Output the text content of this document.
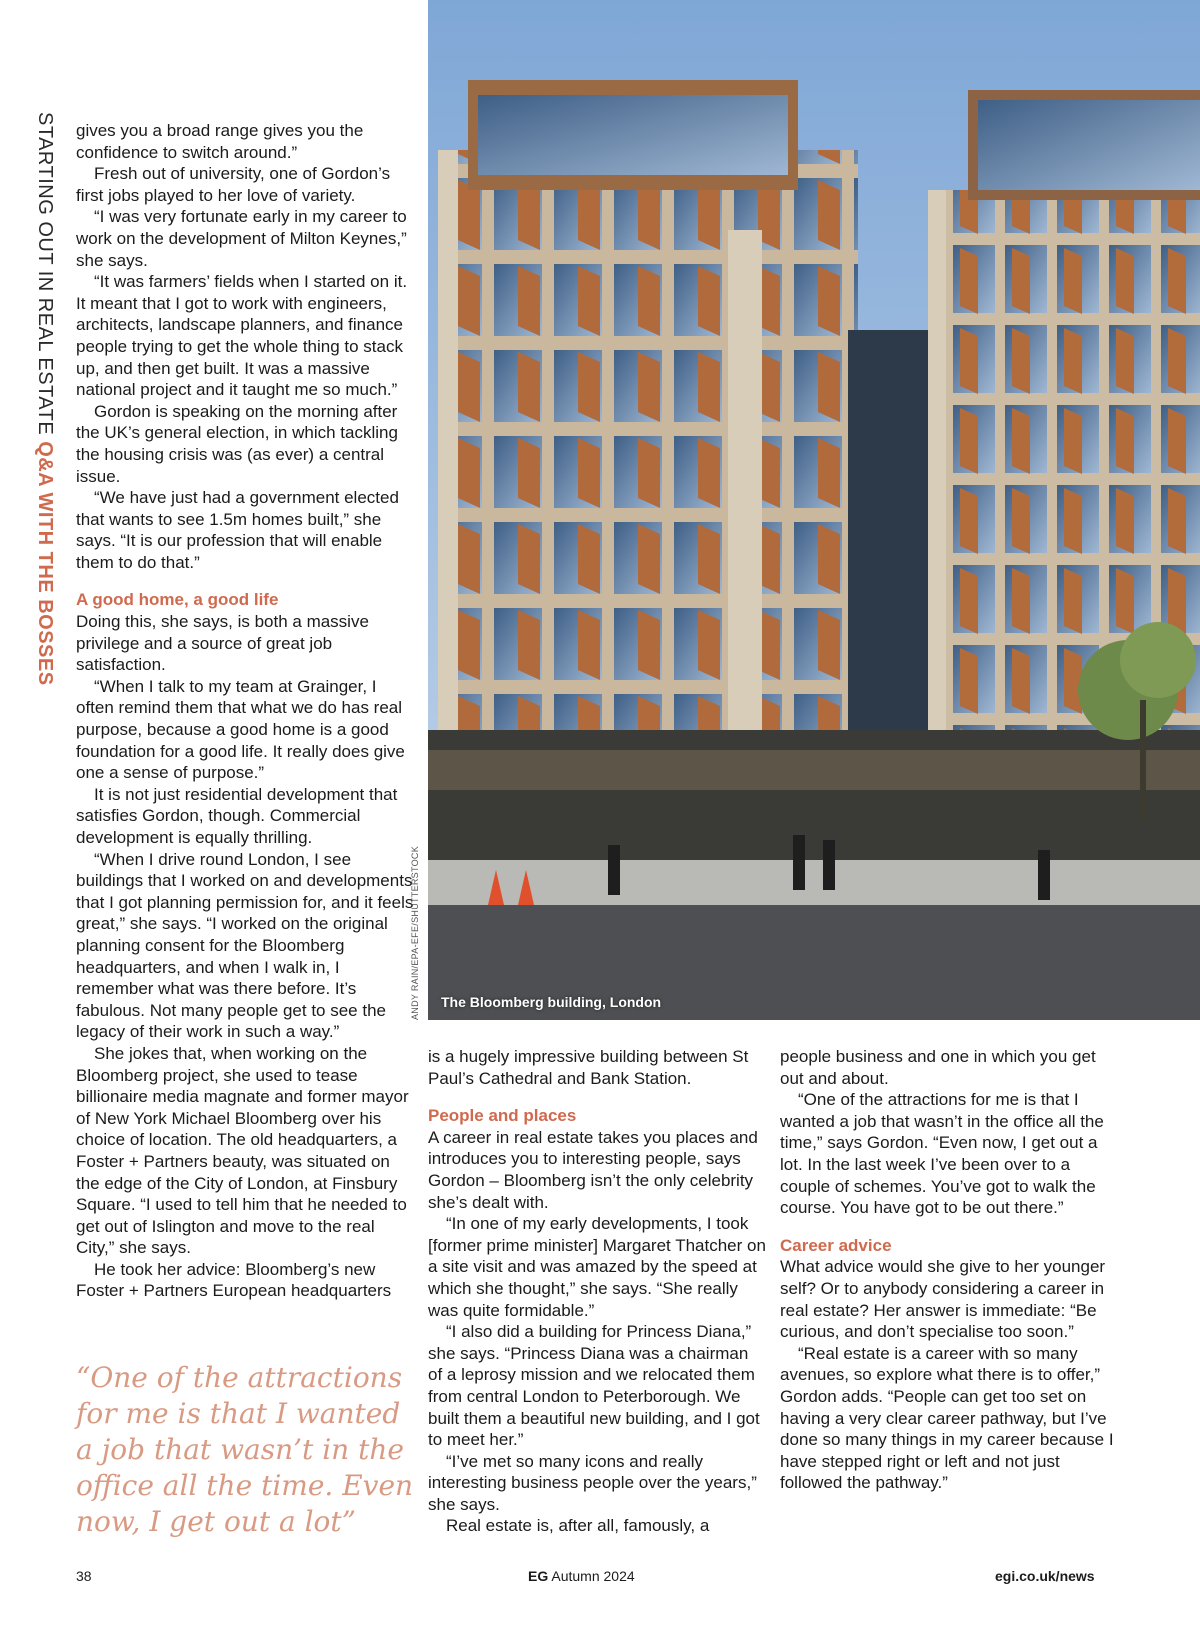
STARTING OUT IN REAL ESTATE Q&A WITH THE BOSSES

gives you a broad range gives you the confidence to switch around.”

Fresh out of university, one of Gordon’s first jobs played to her love of variety.

“I was very fortunate early in my career to work on the development of Milton Keynes,” she says.

“It was farmers’ fields when I started on it. It meant that I got to work with engineers, architects, landscape planners, and finance people trying to get the whole thing to stack up, and then get built. It was a massive national project and it taught me so much.”

Gordon is speaking on the morning after the UK’s general election, in which tackling the housing crisis was (as ever) a central issue.

“We have just had a government elected that wants to see 1.5m homes built,” she says. “It is our profession that will enable them to do that.”

A good home, a good life

Doing this, she says, is both a massive privilege and a source of great job satisfaction.

“When I talk to my team at Grainger, I often remind them that what we do has real purpose, because a good home is a good foundation for a good life. It really does give one a sense of purpose.”

It is not just residential development that satisfies Gordon, though. Commercial development is equally thrilling.

“When I drive round London, I see buildings that I worked on and developments that I got planning permission for, and it feels great,” she says. “I worked on the original planning consent for the Bloomberg headquarters, and when I walk in, I remember what was there before. It’s fabulous. Not many people get to see the legacy of their work in such a way.”

She jokes that, when working on the Bloomberg project, she used to tease billionaire media magnate and former mayor of New York Michael Bloomberg over his choice of location. The old headquarters, a Foster + Partners beauty, was situated on the edge of the City of London, at Finsbury Square. “I used to tell him that he needed to get out of Islington and move to the real City,” she says.

He took her advice: Bloomberg’s new Foster + Partners European headquarters

“One of the attractions for me is that I wanted a job that wasn’t in the office all the time. Even now, I get out a lot”
The Bloomberg building, London
ANDY RAIN/EPA-EFE/SHUTTERSTOCK

is a hugely impressive building between St Paul’s Cathedral and Bank Station.

People and places

A career in real estate takes you places and introduces you to interesting people, says Gordon – Bloomberg isn’t the only celebrity she’s dealt with.

“In one of my early developments, I took [former prime minister] Margaret Thatcher on a site visit and was amazed by the speed at which she thought,” she says. “She really was quite formidable.”

“I also did a building for Princess Diana,” she says. “Princess Diana was a chairman of a leprosy mission and we relocated them from central London to Peterborough. We built them a beautiful new building, and I got to meet her.”

“I’ve met so many icons and really interesting business people over the years,” she says.

Real estate is, after all, famously, a

people business and one in which you get out and about.

“One of the attractions for me is that I wanted a job that wasn’t in the office all the time,” says Gordon. “Even now, I get out a lot. In the last week I’ve been over to a couple of schemes. You’ve got to walk the course. You have got to be out there.”

Career advice

What advice would she give to her younger self? Or to anybody considering a career in real estate? Her answer is immediate: “Be curious, and don’t specialise too soon.”

“Real estate is a career with so many avenues, so explore what there is to offer,” Gordon adds. “People can get too set on having a very clear career pathway, but I’ve done so many things in my career because I have stepped right or left and not just followed the pathway.”

38	EG Autumn 2024	egi.co.uk/news
